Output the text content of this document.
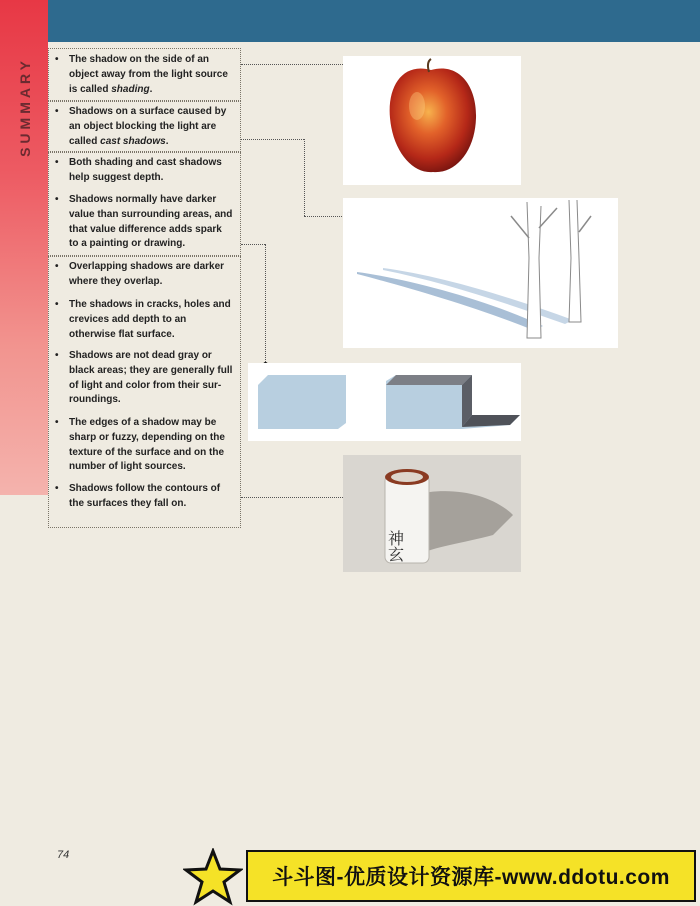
SUMMARY
•	The shadow on the side of an object away from the light source is called shading.
• Shadows on a surface caused by an object blocking the light are called cast shadows.
• Both shading and cast shadows help suggest depth.
• Shadows normally have darker value than surrounding areas, and that value difference adds spark to a painting or drawing.
• Overlapping shadows are darker where they overlap.
• The shadows in cracks, holes and crevices add depth to an otherwise flat surface.
• Shadows are not dead gray or black areas; they are generally full of light and color from their sur-roundings.
• The edges of a shadow may be sharp or fuzzy, depending on the texture of the surface and on the number of light sources.
• Shadows follow the contours of the surfaces they fall on.
神玄
74
斗斗图-优质设计资源库-www.ddotu.com
